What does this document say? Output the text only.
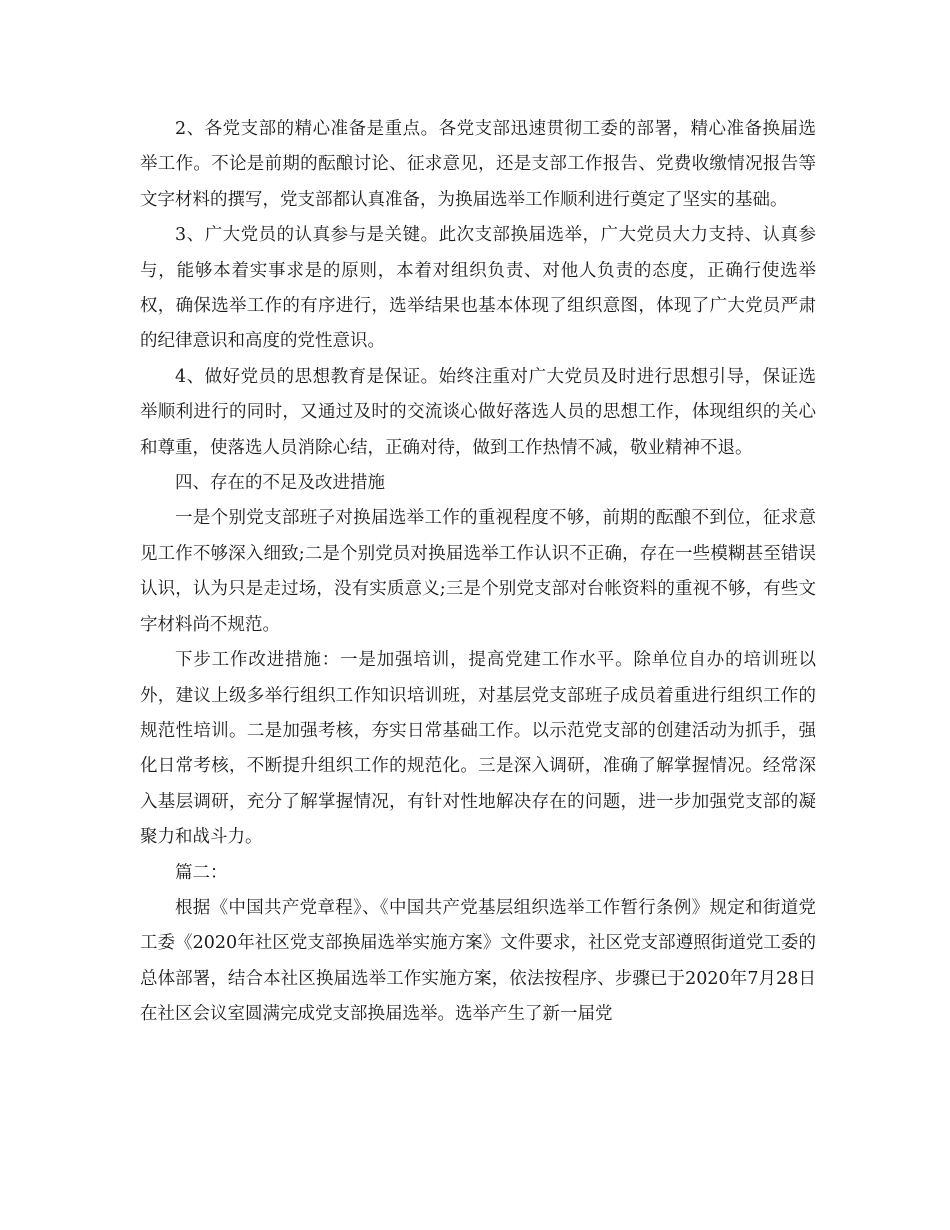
2、各党支部的精心准备是重点。各党支部迅速贯彻工委的部署，精心准备换届选举工作。不论是前期的酝酿讨论、征求意见，还是支部工作报告、党费收缴情况报告等文字材料的撰写，党支部都认真准备，为换届选举工作顺利进行奠定了坚实的基础。

3、广大党员的认真参与是关键。此次支部换届选举，广大党员大力支持、认真参与，能够本着实事求是的原则，本着对组织负责、对他人负责的态度，正确行使选举权，确保选举工作的有序进行，选举结果也基本体现了组织意图，体现了广大党员严肃的纪律意识和高度的党性意识。

4、做好党员的思想教育是保证。始终注重对广大党员及时进行思想引导，保证选举顺利进行的同时，又通过及时的交流谈心做好落选人员的思想工作，体现组织的关心和尊重，使落选人员消除心结，正确对待，做到工作热情不减，敬业精神不退。

四、存在的不足及改进措施

一是个别党支部班子对换届选举工作的重视程度不够，前期的酝酿不到位，征求意见工作不够深入细致;二是个别党员对换届选举工作认识不正确，存在一些模糊甚至错误认识，认为只是走过场，没有实质意义;三是个别党支部对台帐资料的重视不够，有些文字材料尚不规范。

下步工作改进措施：一是加强培训，提高党建工作水平。除单位自办的培训班以外，建议上级多举行组织工作知识培训班，对基层党支部班子成员着重进行组织工作的规范性培训。二是加强考核，夯实日常基础工作。以示范党支部的创建活动为抓手，强化日常考核，不断提升组织工作的规范化。三是深入调研，准确了解掌握情况。经常深入基层调研，充分了解掌握情况，有针对性地解决存在的问题，进一步加强党支部的凝聚力和战斗力。

篇二：

根据《中国共产党章程》、《中国共产党基层组织选举工作暂行条例》规定和街道党工委《2020年社区党支部换届选举实施方案》文件要求，社区党支部遵照街道党工委的总体部署，结合本社区换届选举工作实施方案，依法按程序、步骤已于2020年7月28日在社区会议室圆满完成党支部换届选举。选举产生了新一届党
